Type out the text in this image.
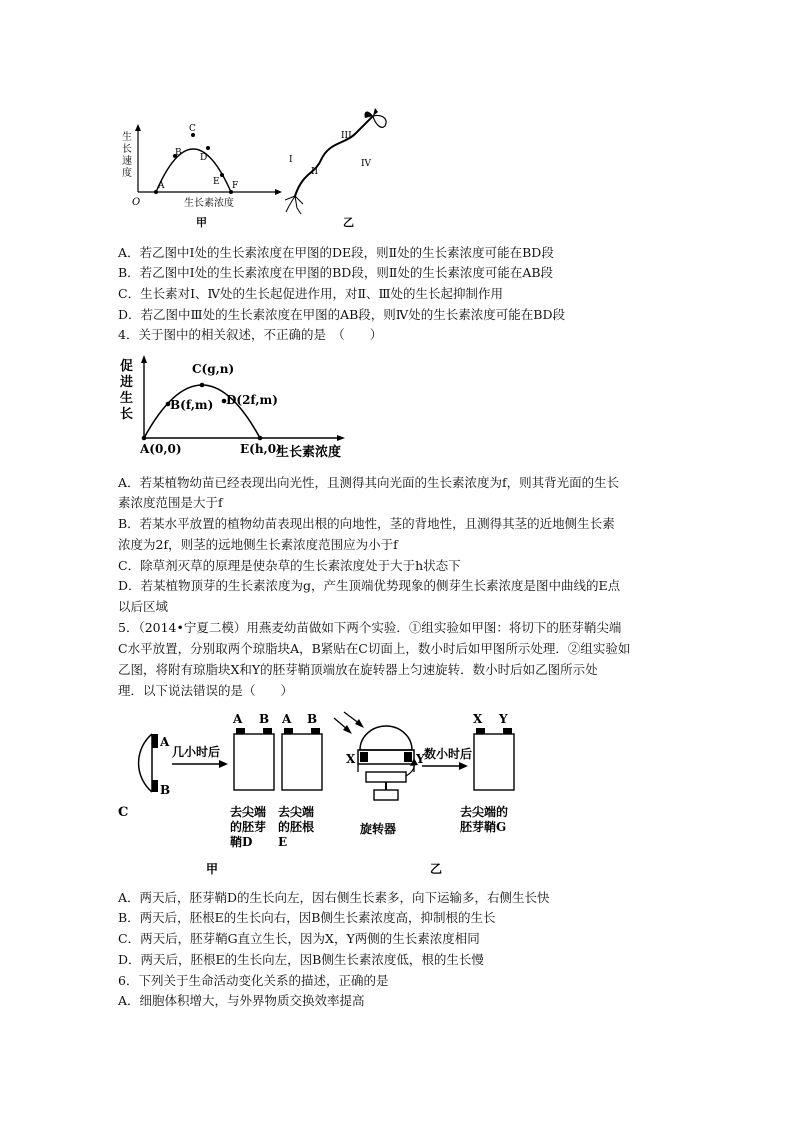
生
长
速
度
O
A
B
C
D
E F
生长素浓度
甲
I
II
III
IV
乙
A．若乙图中Ⅰ处的生长素浓度在甲图的DE段，则Ⅱ处的生长素浓度可能在BD段
B．若乙图中Ⅰ处的生长素浓度在甲图的BD段，则Ⅱ处的生长素浓度可能在AB段
C．生长素对Ⅰ、Ⅳ处的生长起促进作用，对Ⅱ、Ⅲ处的生长起抑制作用
D．若乙图中Ⅲ处的生长素浓度在甲图的AB段，则Ⅳ处的生长素浓度可能在BD段
4．关于图中的相关叙述，不正确的是　（　　）
促
进
生
长
A(0,0)
B(f,m)
C(g,n)
D(2f,m)
E(h,0)
生长素浓度
A．若某植物幼苗已经表现出向光性，且测得其向光面的生长素浓度为f，则其背光面的生长
素浓度范围是大于f
B．若某水平放置的植物幼苗表现出根的向地性，茎的背地性，且测得其茎的近地侧生长素
浓度为2f，则茎的远地侧生长素浓度范围应为小于f
C．除草剂灭草的原理是使杂草的生长素浓度处于大于h状态下
D．若某植物顶芽的生长素浓度为g，产生顶端优势现象的侧芽生长素浓度是图中曲线的E点
以后区域
5．（2014•宁夏二模）用燕麦幼苗做如下两个实验．①组实验如甲图：将切下的胚芽鞘尖端
C水平放置，分别取两个琼脂块A，B紧贴在C切面上，数小时后如甲图所示处理．②组实验如
乙图，将附有琼脂块X和Y的胚芽鞘顶端放在旋转器上匀速旋转．数小时后如乙图所示处
理．以下说法错误的是（　　）
A
B
C
几小时后
A B
去尖端
的胚芽
鞘D
A B
去尖端
的胚根
E
X	Y
旋转器
数小时后
X Y
去尖端的
胚芽鞘G
甲	乙
A．两天后，胚芽鞘D的生长向左，因右侧生长素多，向下运输多，右侧生长快
B．两天后，胚根E的生长向右，因B侧生长素浓度高，抑制根的生长
C．两天后，胚芽鞘G直立生长，因为X，Y两侧的生长素浓度相同
D．两天后，胚根E的生长向左，因B侧生长素浓度低，根的生长慢
6．下列关于生命活动变化关系的描述，正确的是
A．细胞体积增大，与外界物质交换效率提高
